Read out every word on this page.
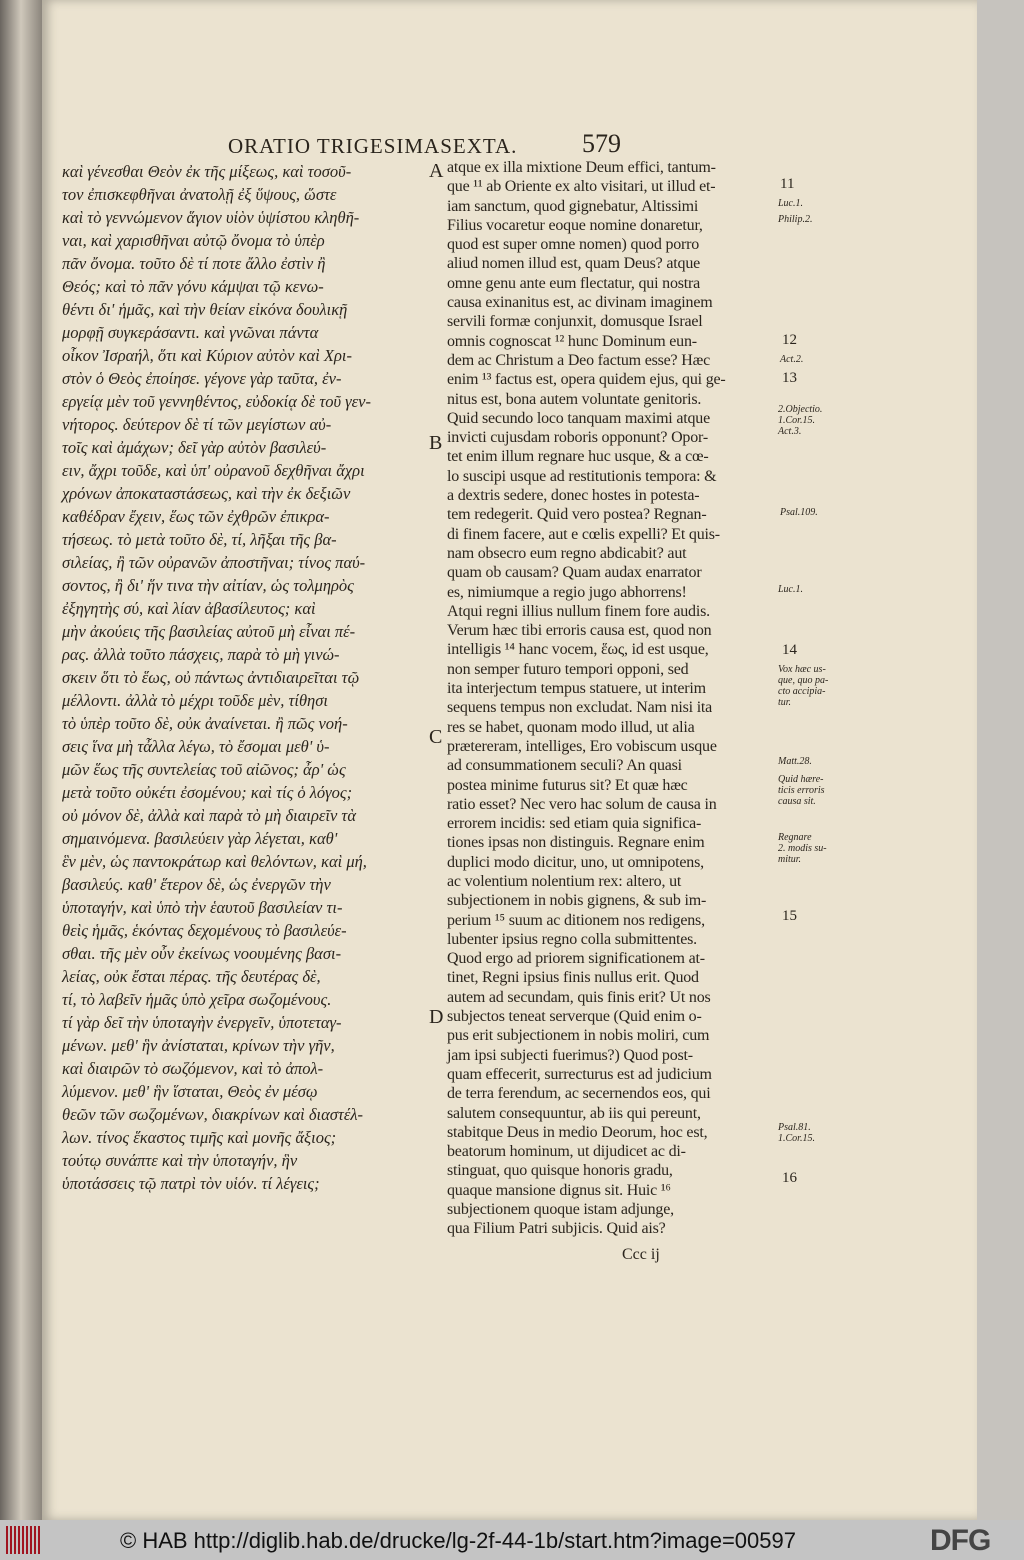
ORATIO TRIGESIMASEXTA. 579
καὶ γένεσθαι Θεὸν ἐκ τῆς μίξεως, καὶ τοσοῦ-
τον ἐπισκεφθῆναι ἀνατολῇ ἐξ ὕψους, ὥστε
καὶ τὸ γεννώμενον ἅγιον υἱὸν ὑψίστου κληθῆ-
ναι, καὶ χαρισθῆναι αὐτῷ ὄνομα τὸ ὑπὲρ
πᾶν ὄνομα. τοῦτο δὲ τί ποτε ἄλλο ἐστὶν ἢ
Θεός; καὶ τὸ πᾶν γόνυ κάμψαι τῷ κενω-
θέντι δι' ἡμᾶς, καὶ τὴν θείαν εἰκόνα δουλικῇ
μορφῇ συγκεράσαντι. καὶ γνῶναι πάντα
οἶκον Ἰσραήλ, ὅτι καὶ Κύριον αὐτὸν καὶ Χρι-
στὸν ὁ Θεὸς ἐποίησε. γέγονε γὰρ ταῦτα, ἐν-
εργείᾳ μὲν τοῦ γεννηθέντος, εὐδοκίᾳ δὲ τοῦ γεν-
νήτορος. δεύτερον δὲ τί τῶν μεγίστων αὐ-
τοῖς καὶ ἀμάχων; δεῖ γὰρ αὐτὸν βασιλεύ-
ειν, ἄχρι τοῦδε, καὶ ὑπ' οὐρανοῦ δεχθῆναι ἄχρι
χρόνων ἀποκαταστάσεως, καὶ τὴν ἐκ δεξιῶν
καθέδραν ἔχειν, ἕως τῶν ἐχθρῶν ἐπικρα-
τήσεως. τὸ μετὰ τοῦτο δὲ, τί, λῆξαι τῆς βα-
σιλείας, ἢ τῶν οὐρανῶν ἀποστῆναι; τίνος παύ-
σοντος, ἢ δι' ἥν τινα τὴν αἰτίαν, ὡς τολμηρὸς
ἐξηγητὴς σύ, καὶ λίαν ἀβασίλευτος; καὶ
μὴν ἀκούεις τῆς βασιλείας αὐτοῦ μὴ εἶναι πέ-
ρας. ἀλλὰ τοῦτο πάσχεις, παρὰ τὸ μὴ γινώ-
σκειν ὅτι τὸ ἕως, οὐ πάντως ἀντιδιαιρεῖται τῷ
μέλλοντι. ἀλλὰ τὸ μέχρι τοῦδε μὲν, τίθησι
τὸ ὑπὲρ τοῦτο δὲ, οὐκ ἀναίνεται. ἢ πῶς νοή-
σεις ἵνα μὴ τἆλλα λέγω, τὸ ἔσομαι μεθ' ὑ-
μῶν ἕως τῆς συντελείας τοῦ αἰῶνος; ἆρ' ὡς
μετὰ τοῦτο οὐκέτι ἐσομένου; καὶ τίς ὁ λόγος;
οὐ μόνον δὲ, ἀλλὰ καὶ παρὰ τὸ μὴ διαιρεῖν τὰ
σημαινόμενα. βασιλεύειν γὰρ λέγεται, καθ'
ἓν μὲν, ὡς παντοκράτωρ καὶ θελόντων, καὶ μή,
βασιλεύς. καθ' ἕτερον δὲ, ὡς ἐνεργῶν τὴν
ὑποταγήν, καὶ ὑπὸ τὴν ἑαυτοῦ βασιλείαν τι-
θεὶς ἡμᾶς, ἑκόντας δεχομένους τὸ βασιλεύε-
σθαι. τῆς μὲν οὖν ἐκείνως νοουμένης βασι-
λείας, οὐκ ἔσται πέρας. τῆς δευτέρας δὲ,
τί, τὸ λαβεῖν ἡμᾶς ὑπὸ χεῖρα σωζομένους.
τί γὰρ δεῖ τὴν ὑποταγὴν ἐνεργεῖν, ὑποτεταγ-
μένων. μεθ' ἣν ἀνίσταται, κρίνων τὴν γῆν,
καὶ διαιρῶν τὸ σωζόμενον, καὶ τὸ ἀπολ-
λύμενον. μεθ' ἣν ἵσταται, Θεὸς ἐν μέσῳ
θεῶν τῶν σωζομένων, διακρίνων καὶ διαστέλ-
λων. τίνος ἕκαστος τιμῆς καὶ μονῆς ἄξιος;
τούτῳ συνάπτε καὶ τὴν ὑποταγήν, ἣν
ὑποτάσσεις τῷ πατρὶ τὸν υἱόν. τί λέγεις;
atque ex illa mixtione Deum effici, tantum-
que ¹¹ ab Oriente ex alto visitari, ut illud et-
iam sanctum, quod gignebatur, Altissimi
Filius vocaretur eoque nomine donaretur,
quod est super omne nomen) quod porro
aliud nomen illud est, quam Deus? atque
omne genu ante eum flectatur, qui nostra
causa exinanitus est, ac divinam imaginem
servili formæ conjunxit, domusque Israel
omnis cognoscat ¹² hunc Dominum eun-
dem ac Christum a Deo factum esse? Hæc
enim ¹³ factus est, opera quidem ejus, qui ge-
nitus est, bona autem voluntate genitoris.
Quid secundo loco tanquam maximi atque
invicti cujusdam roboris opponunt? Opor-
tet enim illum regnare huc usque, & a cœ-
lo suscipi usque ad restitutionis tempora: &
a dextris sedere, donec hostes in potesta-
tem redegerit. Quid vero postea? Regnan-
di finem facere, aut e cœlis expelli? Et quis-
nam obsecro eum regno abdicabit? aut
quam ob causam? Quam audax enarrator
es, nimiumque a regio jugo abhorrens!
Atqui regni illius nullum finem fore audis.
Verum hæc tibi erroris causa est, quod non
intelligis ¹⁴ hanc vocem, ἕως, id est usque,
non semper futuro tempori opponi, sed
ita interjectum tempus statuere, ut interim
sequens tempus non excludat. Nam nisi ita
res se habet, quonam modo illud, ut alia
prætereram, intelliges, Ero vobiscum usque
ad consummationem seculi? An quasi
postea minime futurus sit? Et quæ hæc
ratio esset? Nec vero hac solum de causa in
errorem incidis: sed etiam quia significa-
tiones ipsas non distinguis. Regnare enim
duplici modo dicitur, uno, ut omnipotens,
ac volentium nolentium rex: altero, ut
subjectionem in nobis gignens, & sub im-
perium ¹⁵ suum ac ditionem nos redigens,
lubenter ipsius regno colla submittentes.
Quod ergo ad priorem significationem at-
tinet, Regni ipsius finis nullus erit. Quod
autem ad secundam, quis finis erit? Ut nos
subjectos teneat serverque (Quid enim o-
pus erit subjectionem in nobis moliri, cum
jam ipsi subjecti fuerimus?) Quod post-
quam effecerit, surrecturus est ad judicium
de terra ferendum, ac secernendos eos, qui
salutem consequuntur, ab iis qui pereunt,
stabitque Deus in medio Deorum, hoc est,
beatorum hominum, ut dijudicet ac di-
stinguat, quo quisque honoris gradu,
quaque mansione dignus sit. Huic ¹⁶
subjectionem quoque istam adjunge,
qua Filium Patri subjicis. Quid ais?
A
B
C
D
Luc.1.
Philip.2.
Act.2.
2.Objectio.
1.Cor.15.
Act.3.
Psal.109.
Luc.1.
Vox hæc us-
que, quo pa-
cto accipia-
tur.
Matt.28.
Quid hære-
ticis erroris
causa sit.
Regnare
2. modis su-
mitur.
Psal.81.
1.Cor.15.
11
12
13
14
15
16
Ccc ij
© HAB http://diglib.hab.de/drucke/lg-2f-44-1b/start.htm?image=00597	DFG
